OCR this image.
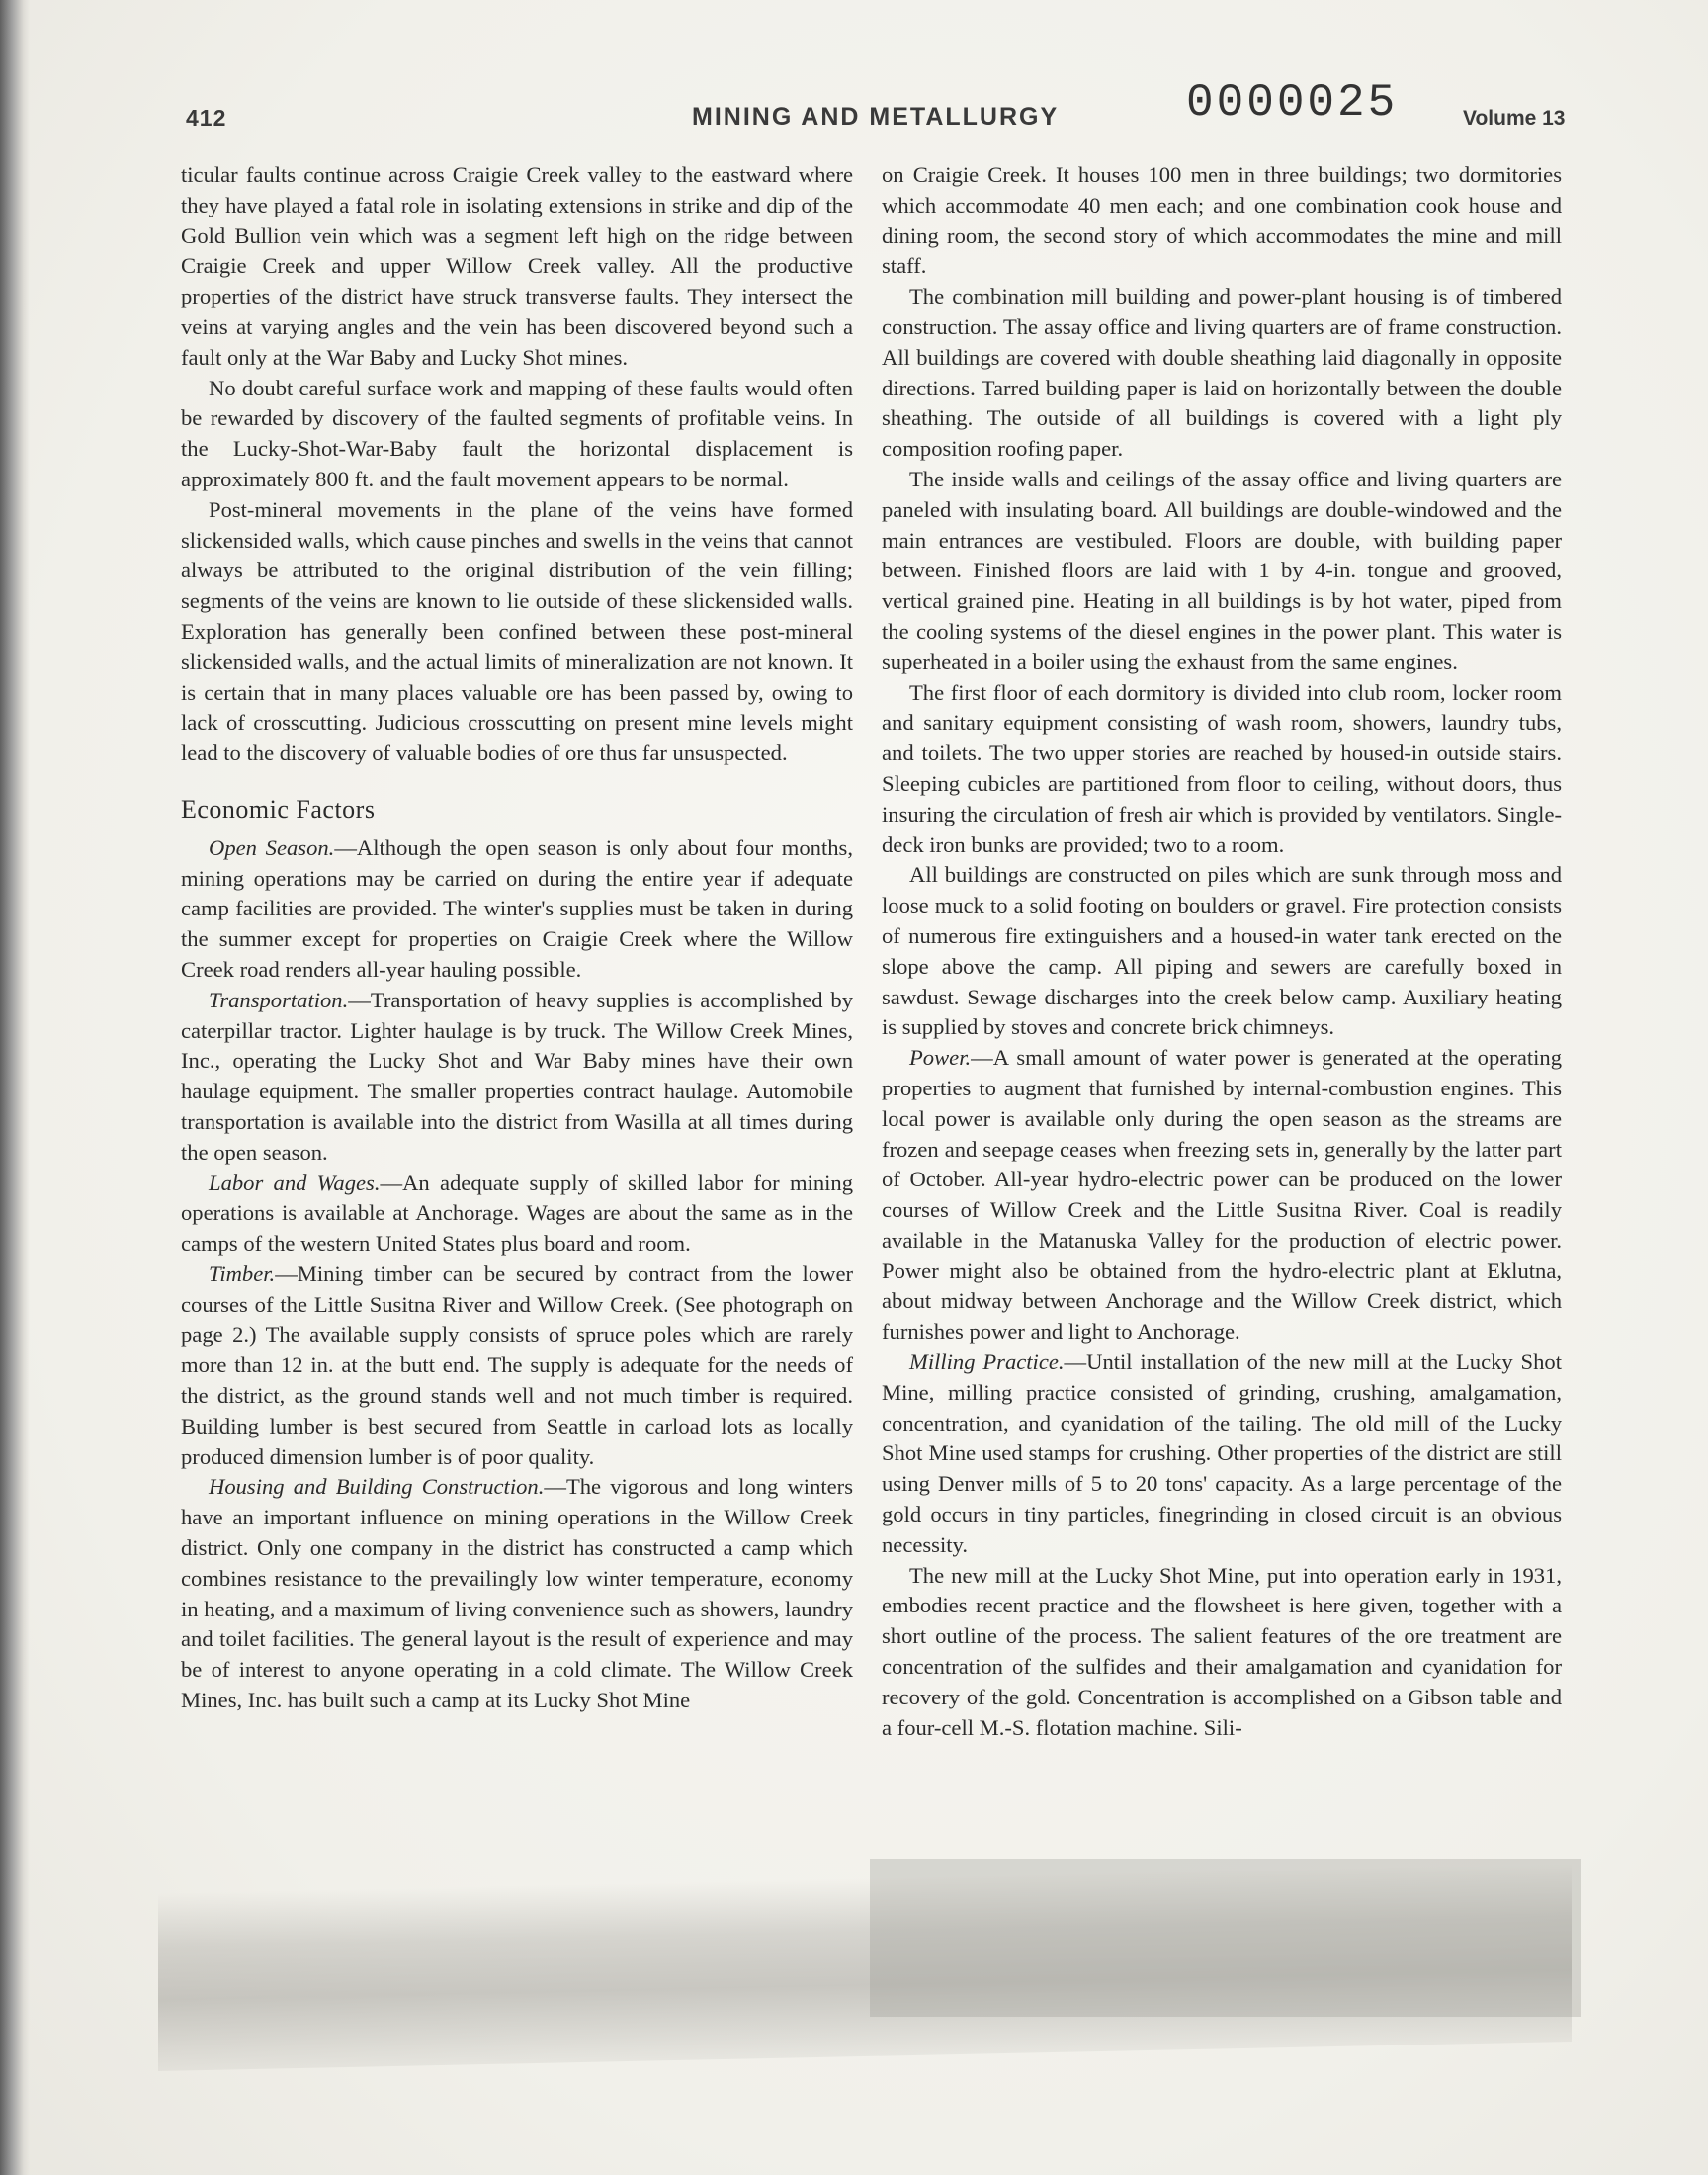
412	MINING AND METALLURGY	0000025	Volume 13

ticular faults continue across Craigie Creek valley to the eastward where they have played a fatal role in isolating extensions in strike and dip of the Gold Bullion vein which was a segment left high on the ridge between Craigie Creek and upper Willow Creek valley. All the productive properties of the district have struck transverse faults. They intersect the veins at varying angles and the vein has been discovered beyond such a fault only at the War Baby and Lucky Shot mines.

No doubt careful surface work and mapping of these faults would often be rewarded by discovery of the faulted segments of profitable veins. In the Lucky-Shot-War-Baby fault the horizontal displacement is approximately 800 ft. and the fault movement appears to be normal.

Post-mineral movements in the plane of the veins have formed slickensided walls, which cause pinches and swells in the veins that cannot always be attributed to the original distribution of the vein filling; segments of the veins are known to lie outside of these slickensided walls. Exploration has generally been confined between these post-mineral slickensided walls, and the actual limits of mineralization are not known. It is certain that in many places valuable ore has been passed by, owing to lack of crosscutting. Judicious crosscutting on present mine levels might lead to the discovery of valuable bodies of ore thus far unsuspected.

Economic Factors

Open Season.—Although the open season is only about four months, mining operations may be carried on during the entire year if adequate camp facilities are provided. The winter's supplies must be taken in during the summer except for properties on Craigie Creek where the Willow Creek road renders all-year hauling possible.

Transportation.—Transportation of heavy supplies is accomplished by caterpillar tractor. Lighter haulage is by truck. The Willow Creek Mines, Inc., operating the Lucky Shot and War Baby mines have their own haulage equipment. The smaller properties contract haulage. Automobile transportation is available into the district from Wasilla at all times during the open season.

Labor and Wages.—An adequate supply of skilled labor for mining operations is available at Anchorage. Wages are about the same as in the camps of the western United States plus board and room.

Timber.—Mining timber can be secured by contract from the lower courses of the Little Susitna River and Willow Creek. (See photograph on page 2.) The available supply consists of spruce poles which are rarely more than 12 in. at the butt end. The supply is adequate for the needs of the district, as the ground stands well and not much timber is required. Building lumber is best secured from Seattle in carload lots as locally produced dimension lumber is of poor quality.

Housing and Building Construction.—The vigorous and long winters have an important influence on mining operations in the Willow Creek district. Only one company in the district has constructed a camp which combines resistance to the prevailingly low winter temperature, economy in heating, and a maximum of living convenience such as showers, laundry and toilet facilities. The general layout is the result of experience and may be of interest to anyone operating in a cold climate. The Willow Creek Mines, Inc. has built such a camp at its Lucky Shot Mine

on Craigie Creek. It houses 100 men in three buildings; two dormitories which accommodate 40 men each; and one combination cook house and dining room, the second story of which accommodates the mine and mill staff.

The combination mill building and power-plant housing is of timbered construction. The assay office and living quarters are of frame construction. All buildings are covered with double sheathing laid diagonally in opposite directions. Tarred building paper is laid on horizontally between the double sheathing. The outside of all buildings is covered with a light ply composition roofing paper.

The inside walls and ceilings of the assay office and living quarters are paneled with insulating board. All buildings are double-windowed and the main entrances are vestibuled. Floors are double, with building paper between. Finished floors are laid with 1 by 4-in. tongue and grooved, vertical grained pine. Heating in all buildings is by hot water, piped from the cooling systems of the diesel engines in the power plant. This water is superheated in a boiler using the exhaust from the same engines.

The first floor of each dormitory is divided into club room, locker room and sanitary equipment consisting of wash room, showers, laundry tubs, and toilets. The two upper stories are reached by housed-in outside stairs. Sleeping cubicles are partitioned from floor to ceiling, without doors, thus insuring the circulation of fresh air which is provided by ventilators. Single-deck iron bunks are provided; two to a room.

All buildings are constructed on piles which are sunk through moss and loose muck to a solid footing on boulders or gravel. Fire protection consists of numerous fire extinguishers and a housed-in water tank erected on the slope above the camp. All piping and sewers are carefully boxed in sawdust. Sewage discharges into the creek below camp. Auxiliary heating is supplied by stoves and concrete brick chimneys.

Power.—A small amount of water power is generated at the operating properties to augment that furnished by internal-combustion engines. This local power is available only during the open season as the streams are frozen and seepage ceases when freezing sets in, generally by the latter part of October. All-year hydro-electric power can be produced on the lower courses of Willow Creek and the Little Susitna River. Coal is readily available in the Matanuska Valley for the production of electric power. Power might also be obtained from the hydro-electric plant at Eklutna, about midway between Anchorage and the Willow Creek district, which furnishes power and light to Anchorage.

Milling Practice.—Until installation of the new mill at the Lucky Shot Mine, milling practice consisted of grinding, crushing, amalgamation, concentration, and cyanidation of the tailing. The old mill of the Lucky Shot Mine used stamps for crushing. Other properties of the district are still using Denver mills of 5 to 20 tons' capacity. As a large percentage of the gold occurs in tiny particles, finegrinding in closed circuit is an obvious necessity.

The new mill at the Lucky Shot Mine, put into operation early in 1931, embodies recent practice and the flowsheet is here given, together with a short outline of the process. The salient features of the ore treatment are concentration of the sulfides and their amalgamation and cyanidation for recovery of the gold. Concentration is accomplished on a Gibson table and a four-cell M.-S. flotation machine. Sili-
